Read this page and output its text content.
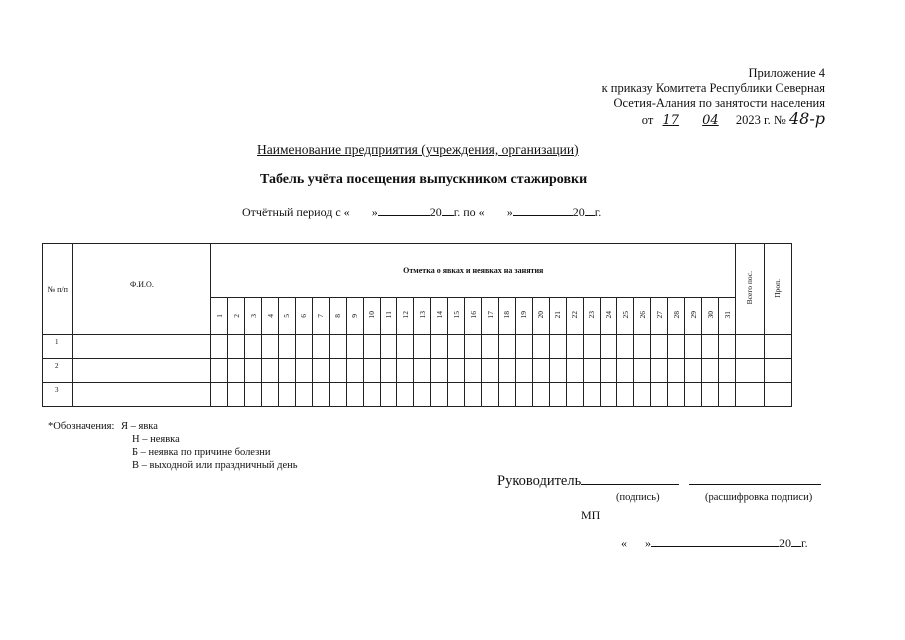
Приложение 4
к приказу Комитета Республики Северная
Осетия-Алания по занятости населения
от 17 04 2023 г. № 48-р
Наименование предприятия (учреждения, организации)
Табель учёта посещения выпускником стажировки
Отчётный период с « »	20 г. по « »	20 г.
№ п/п	Ф.И.О.	Отметка о явках и неявках на занятия																															Всего пос.	Проп.
		1	2	3	4	5	6	7	8	9	10	11	12	13	14	15	16	17	18	19	20	21	22	23	24	25	26	27	28	29	30	31		
1																																		
2																																		
3																																		
*Обозначения: Я – явка
Н – неявка
Б – неявка по причине болезни
В – выходной или праздничный день
Руководитель
(подпись)	(расшифровка подписи)
МП
« »	20 г.
